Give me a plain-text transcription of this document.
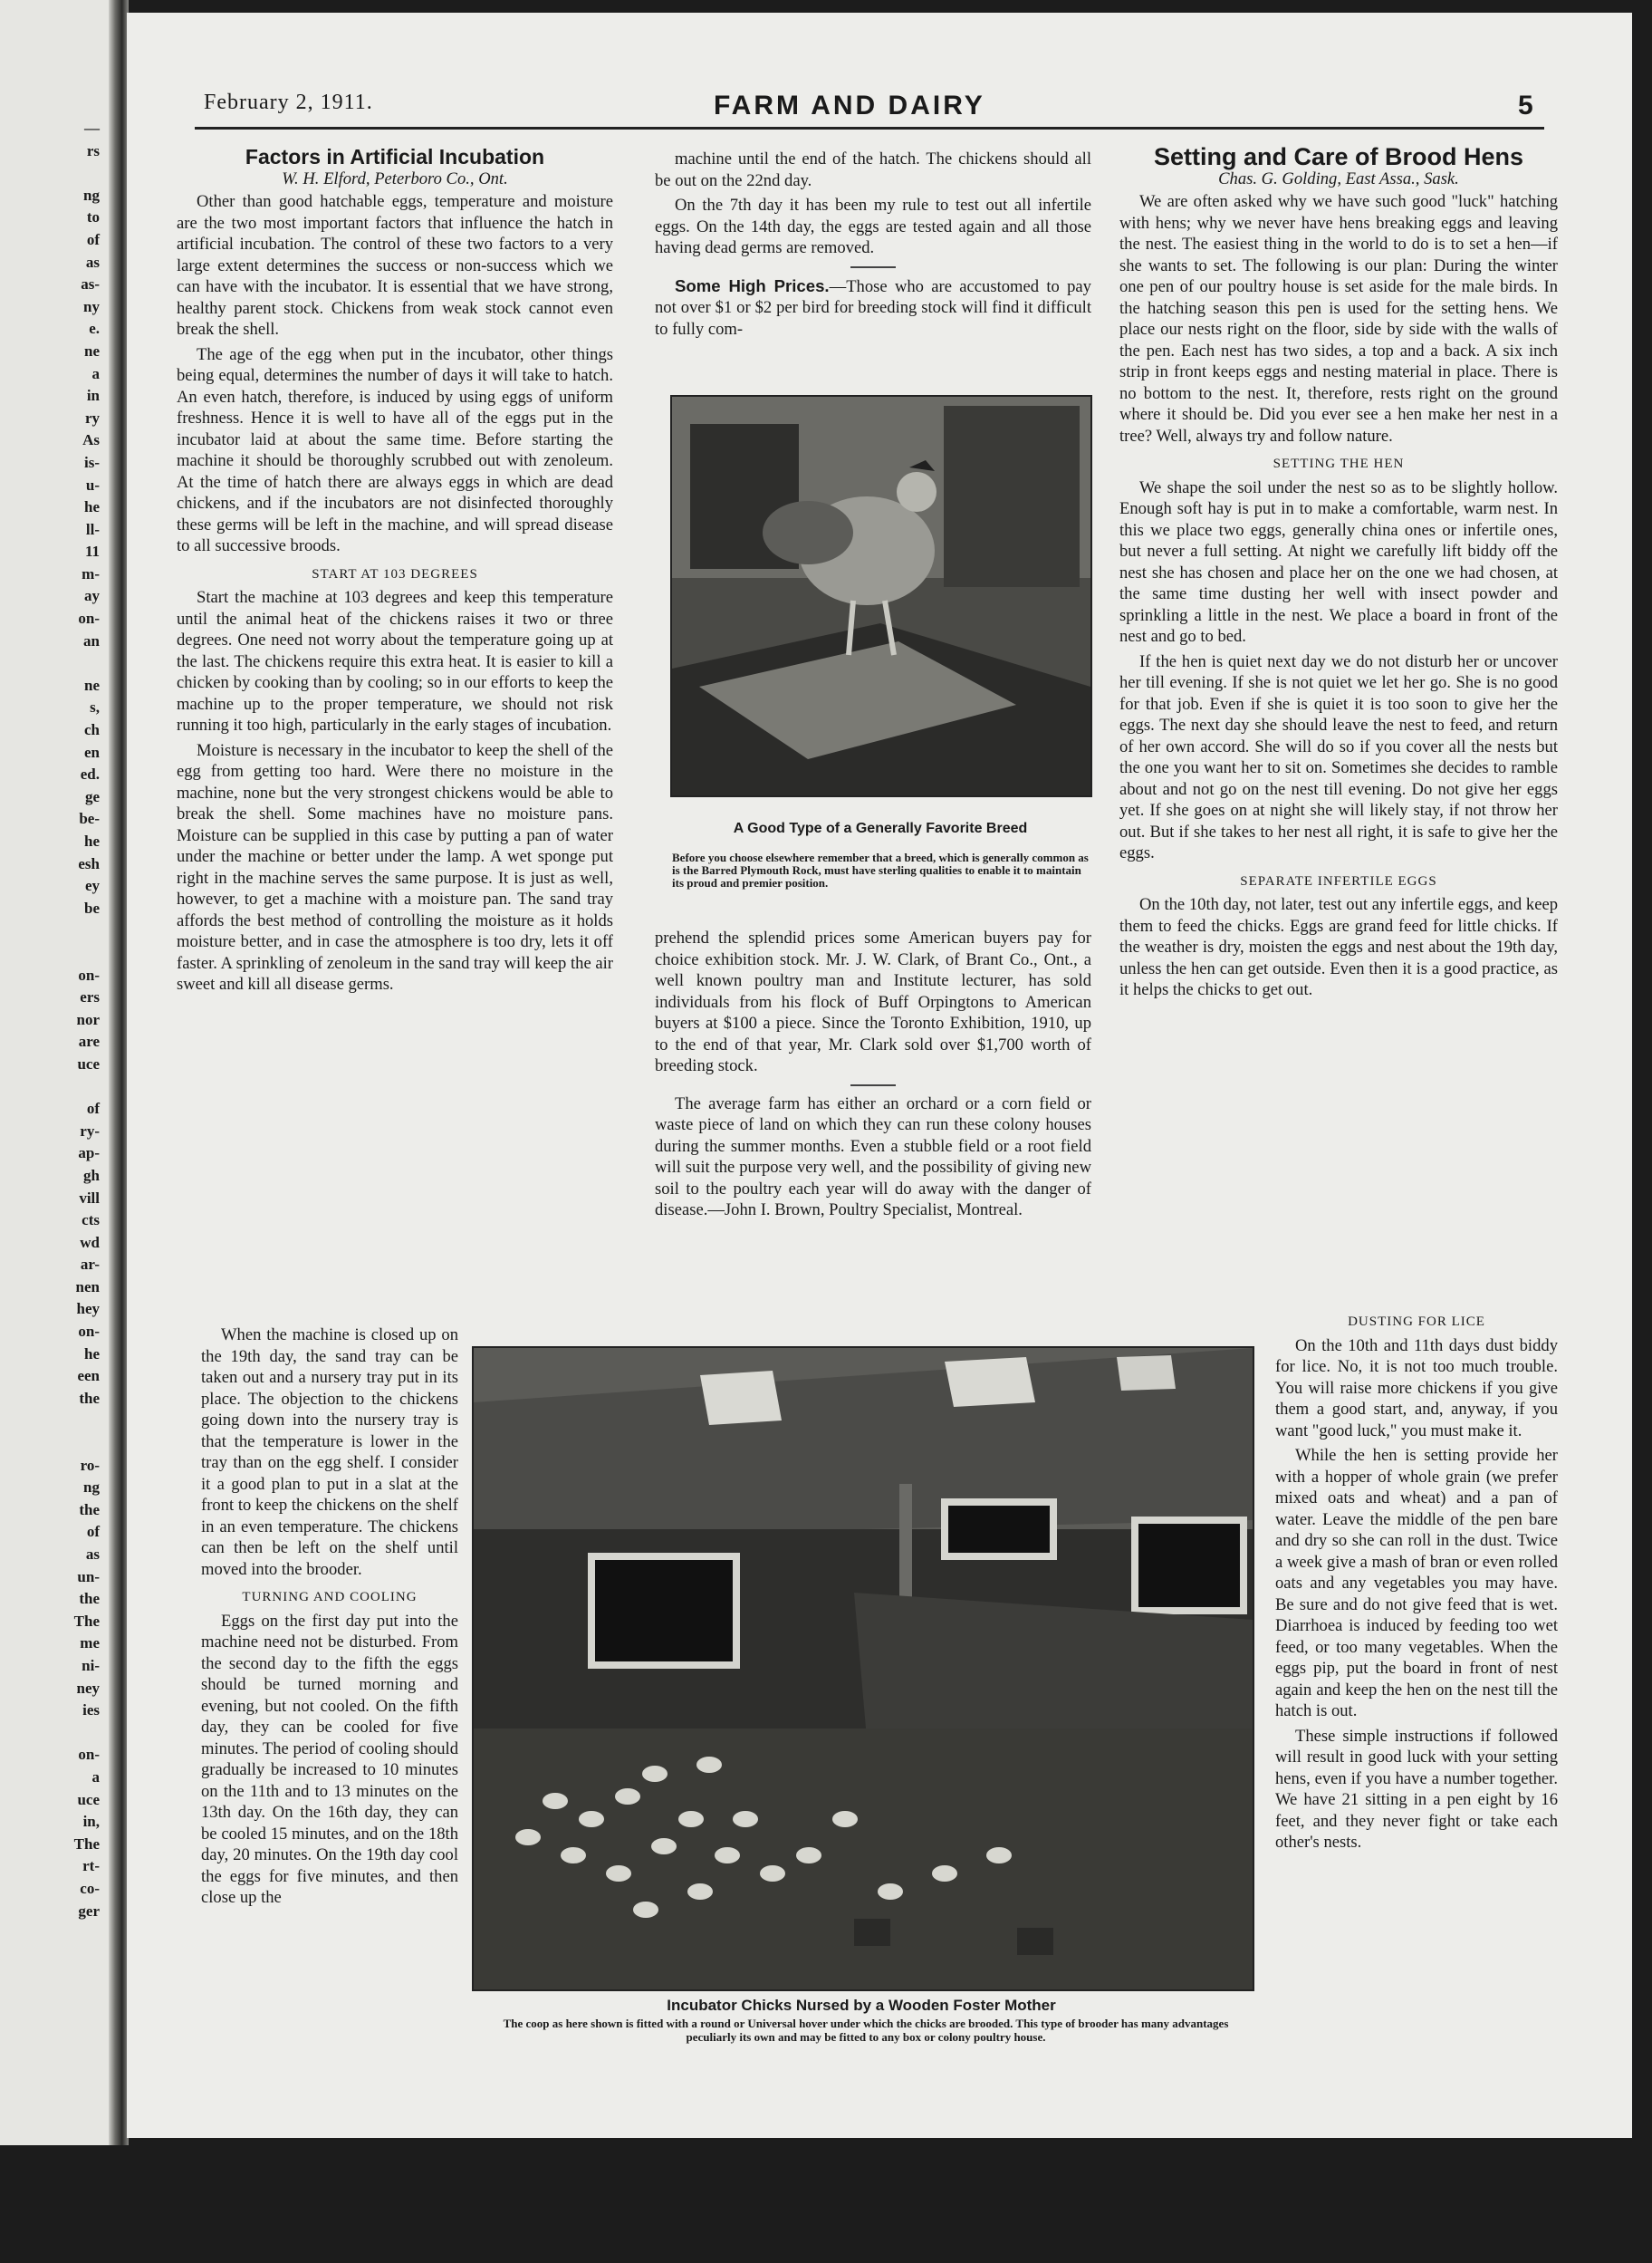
—
rs

ng
to
of
as
as-
ny
e.
ne
a
in
ry
As
is-
u-
he
ll-
11
m-
ay
on-
an

ne
s,
ch
en
ed.
ge
be-
he
esh
ey
be

on-
ers
nor
are
uce

of
ry-
ap-
gh
vill
cts
wd
ar-
nen
hey
on-
he
een
the

ro-
ng
the
of
as
un-
the
The
me
ni-
ney
ies

on-
a
uce
in,
The
rt-
co-
ger
February 2, 1911.	FARM AND DAIRY	5
Factors in Artificial Incubation
W. H. Elford, Peterboro Co., Ont.

Other than good hatchable eggs, temperature and moisture are the two most important factors that influence the hatch in artificial incubation. The control of these two factors to a very large extent determines the success or non-success which we can have with the incubator. It is essential that we have strong, healthy parent stock. Chickens from weak stock cannot even break the shell.

The age of the egg when put in the incubator, other things being equal, determines the number of days it will take to hatch. An even hatch, therefore, is induced by using eggs of uniform freshness. Hence it is well to have all of the eggs put in the incubator laid at about the same time. Before starting the machine it should be thoroughly scrubbed out with zenoleum. At the time of hatch there are always eggs in which are dead chickens, and if the incubators are not disinfected thoroughly these germs will be left in the machine, and will spread disease to all successive broods.

START AT 103 DEGREES

Start the machine at 103 degrees and keep this temperature until the animal heat of the chickens raises it two or three degrees. One need not worry about the temperature going up at the last. The chickens require this extra heat. It is easier to kill a chicken by cooking than by cooling; so in our efforts to keep the machine up to the proper temperature, we should not risk running it too high, particularly in the early stages of incubation.

Moisture is necessary in the incubator to keep the shell of the egg from getting too hard. Were there no moisture in the machine, none but the very strongest chickens would be able to break the shell. Some machines have no moisture pans. Moisture can be supplied in this case by putting a pan of water under the machine or better under the lamp. A wet sponge put right in the machine serves the same purpose. It is just as well, however, to get a machine with a moisture pan. The sand tray affords the best method of controlling the moisture as it holds moisture better, and in case the atmosphere is too dry, lets it off faster. A sprinkling of zenoleum in the sand tray will keep the air sweet and kill all disease germs.

When the machine is closed up on the 19th day, the sand tray can be taken out and a nursery tray put in its place. The objection to the chickens going down into the nursery tray is that the temperature is lower in the tray than on the egg shelf. I consider it a good plan to put in a slat at the front to keep the chickens on the shelf in an even temperature. The chickens can then be left on the shelf until moved into the brooder.

TURNING AND COOLING

Eggs on the first day put into the machine need not be disturbed. From the second day to the fifth the eggs should be turned morning and evening, but not cooled. On the fifth day, they can be cooled for five minutes. The period of cooling should gradually be increased to 10 minutes on the 11th and to 13 minutes on the 13th day. On the 16th day, they can be cooled 15 minutes, and on the 18th day, 20 minutes. On the 19th day cool the eggs for five minutes, and then close up the

machine until the end of the hatch. The chickens should all be out on the 22nd day.

On the 7th day it has been my rule to test out all infertile eggs. On the 14th day, the eggs are tested again and all those having dead germs are removed.

Some High Prices.—Those who are accustomed to pay not over $1 or $2 per bird for breeding stock will find it difficult to fully com-

A Good Type of a Generally Favorite Breed
Before you choose elsewhere remember that a breed, which is generally common as is the Barred Plymouth Rock, must have sterling qualities to enable it to maintain its proud and premier position.

prehend the splendid prices some American buyers pay for choice exhibition stock. Mr. J. W. Clark, of Brant Co., Ont., a well known poultry man and Institute lecturer, has sold individuals from his flock of Buff Orpingtons to American buyers at $100 a piece. Since the Toronto Exhibition, 1910, up to the end of that year, Mr. Clark sold over $1,700 worth of breeding stock.

The average farm has either an orchard or a corn field or waste piece of land on which they can run these colony houses during the summer months. Even a stubble field or a root field will suit the purpose very well, and the possibility of giving new soil to the poultry each year will do away with the danger of disease.—John I. Brown, Poultry Specialist, Montreal.

Setting and Care of Brood Hens
Chas. G. Golding, East Assa., Sask.

We are often asked why we have such good "luck" hatching with hens; why we never have hens breaking eggs and leaving the nest. The easiest thing in the world to do is to set a hen—if she wants to set. The following is our plan: During the winter one pen of our poultry house is set aside for the male birds. In the hatching season this pen is used for the setting hens. We place our nests right on the floor, side by side with the walls of the pen. Each nest has two sides, a top and a back. A six inch strip in front keeps eggs and nesting material in place. There is no bottom to the nest. It, therefore, rests right on the ground where it should be. Did you ever see a hen make her nest in a tree? Well, always try and follow nature.

SETTING THE HEN

We shape the soil under the nest so as to be slightly hollow. Enough soft hay is put in to make a comfortable, warm nest. In this we place two eggs, generally china ones or infertile ones, but never a full setting. At night we carefully lift biddy off the nest she has chosen and place her on the one we had chosen, at the same time dusting her well with insect powder and sprinkling a little in the nest. We place a board in front of the nest and go to bed.

If the hen is quiet next day we do not disturb her or uncover her till evening. If she is not quiet we let her go. She is no good for that job. Even if she is quiet it is too soon to give her the eggs. The next day she should leave the nest to feed, and return of her own accord. She will do so if you cover all the nests but the one you want her to sit on. Sometimes she decides to ramble about and not go on the nest till evening. Do not give her eggs yet. If she goes on at night she will likely stay, if not throw her out. But if she takes to her nest all right, it is safe to give her the eggs.

SEPARATE INFERTILE EGGS

On the 10th day, not later, test out any infertile eggs, and keep them to feed the chicks. Eggs are grand feed for little chicks. If the weather is dry, moisten the eggs and nest about the 19th day, unless the hen can get outside. Even then it is a good practice, as it helps the chicks to get out.

DUSTING FOR LICE

On the 10th and 11th days dust biddy for lice. No, it is not too much trouble. You will raise more chickens if you give them a good start, and, anyway, if you want "good luck," you must make it.

While the hen is setting provide her with a hopper of whole grain (we prefer mixed oats and wheat) and a pan of water. Leave the middle of the pen bare and dry so she can roll in the dust. Twice a week give a mash of bran or even rolled oats and any vegetables you may have. Be sure and do not give feed that is wet. Diarrhoea is induced by feeding too wet feed, or too many vegetables. When the eggs pip, put the board in front of nest again and keep the hen on the nest till the hatch is out.

These simple instructions if followed will result in good luck with your setting hens, even if you have a number together. We have 21 sitting in a pen eight by 16 feet, and they never fight or take each other's nests.

Incubator Chicks Nursed by a Wooden Foster Mother
The coop as here shown is fitted with a round or Universal hover under which the chicks are brooded. This type of brooder has many advantages peculiarly its own and may be fitted to any box or colony poultry house.
